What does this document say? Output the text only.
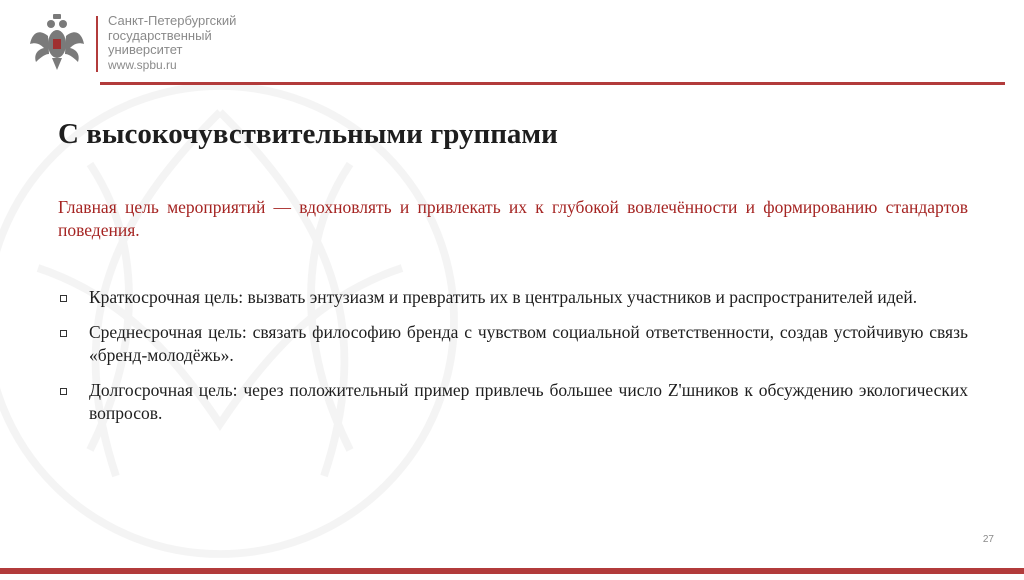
Санкт-Петербургский
государственный
университет
www.spbu.ru
С высокочувствительными группами
Главная цель мероприятий — вдохновлять и привлекать их к глубокой вовлечённости и формированию стандартов поведения.
Краткосрочная цель: вызвать энтузиазм и превратить их в центральных участников и распространителей идей.
Среднесрочная цель: связать философию бренда с чувством социальной ответственности, создав устойчивую связь «бренд-молодёжь».
Долгосрочная цель: через положительный пример привлечь большее число Z'шников к обсуждению экологических вопросов.
27
